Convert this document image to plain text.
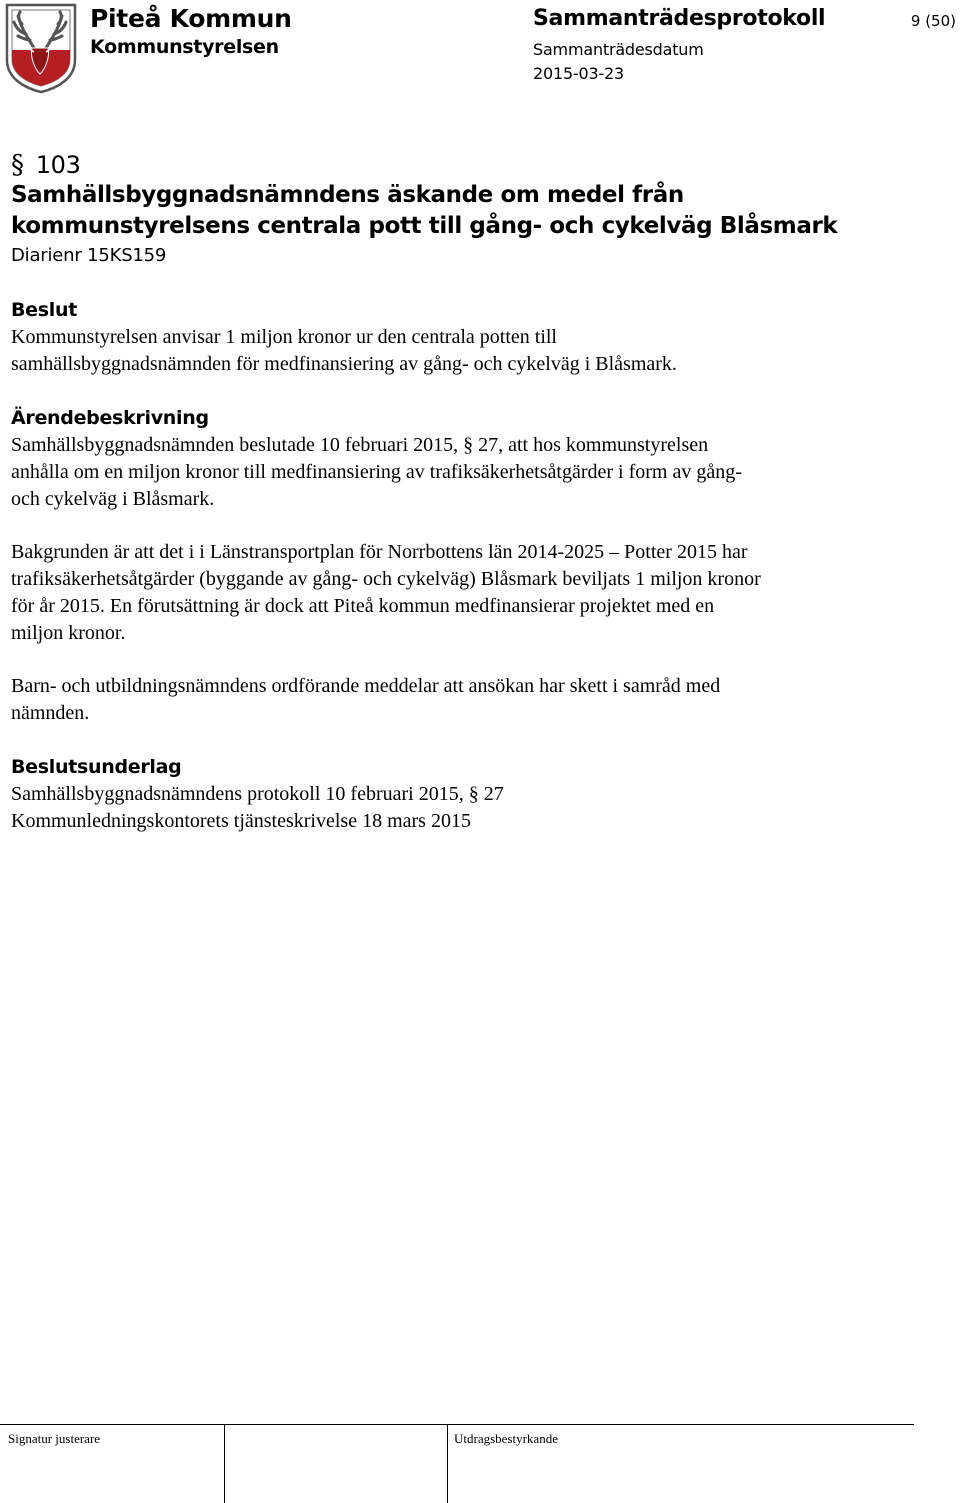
Piteå Kommun
Kommunstyrelsen
Sammanträdesprotokoll
Sammanträdesdatum
2015-03-23
9 (50)
§ 103
Samhällsbyggnadsnämndens äskande om medel från
kommunstyrelsens centrala pott till gång- och cykelväg Blåsmark
Diarienr 15KS159
Beslut

Kommunstyrelsen anvisar 1 miljon kronor ur den centrala potten till
samhällsbyggnadsnämnden för medfinansiering av gång- och cykelväg i Blåsmark.

Ärendebeskrivning

Samhällsbyggnadsnämnden beslutade 10 februari 2015, § 27, att hos kommunstyrelsen
anhålla om en miljon kronor till medfinansiering av trafiksäkerhetsåtgärder i form av gång-
och cykelväg i Blåsmark.

Bakgrunden är att det i i Länstransportplan för Norrbottens län 2014-2025 – Potter 2015 har
trafiksäkerhetsåtgärder (byggande av gång- och cykelväg) Blåsmark beviljats 1 miljon kronor
för år 2015. En förutsättning är dock att Piteå kommun medfinansierar projektet med en
miljon kronor.

Barn- och utbildningsnämndens ordförande meddelar att ansökan har skett i samråd med
nämnden.

Beslutsunderlag

Samhällsbyggnadsnämndens protokoll 10 februari 2015, § 27
Kommunledningskontorets tjänsteskrivelse 18 mars 2015

Signatur justerare	Utdragsbestyrkande
